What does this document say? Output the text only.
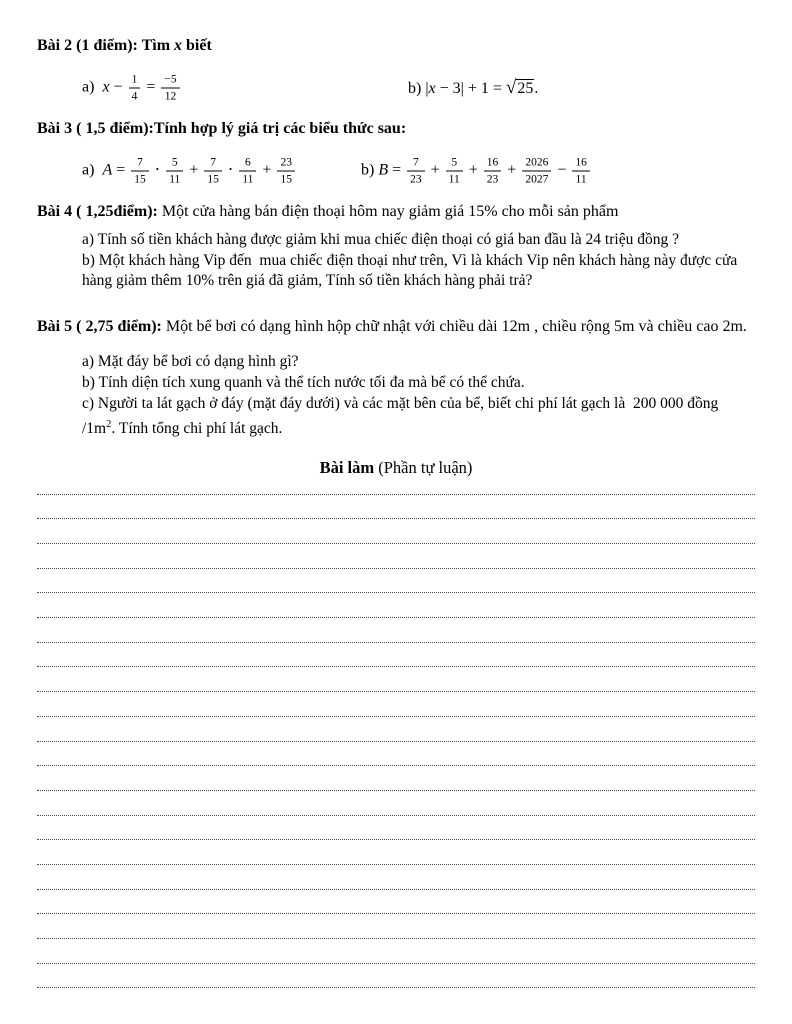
Bài 2 (1 điểm): Tìm x biết

a)  $x - \frac{1}{4} = \frac{-5}{12}$	b) |x − 3| + 1 = √25.

Bài 3 ( 1,5 điểm):Tính hợp lý giá trị các biểu thức sau:

a)  $A = \frac{7}{15} \cdot \frac{5}{11} + \frac{7}{15} \cdot \frac{6}{11} + \frac{23}{15}$	b) $B = \frac{7}{23} + \frac{5}{11} + \frac{16}{23} + \frac{2026}{2027} - \frac{16}{11}$

Bài 4 ( 1,25điểm): Một cửa hàng bán điện thoại hôm nay giảm giá 15% cho mỗi sản phẩm

a) Tính số tiền khách hàng được giảm khi mua chiếc điện thoại có giá ban đầu là 24 triệu đồng ?

b) Một khách hàng Vip đến  mua chiếc điện thoại như trên, Vì là khách Vip nên khách hàng này được cửa hàng giảm thêm 10% trên giá đã giảm, Tính số tiền khách hàng phải trả?

Bài 5 ( 2,75 điểm): Một bể bơi có dạng hình hộp chữ nhật với chiều dài 12m , chiều rộng 5m và chiều cao 2m.

a) Mặt đáy bể bơi có dạng hình gì?

b) Tính diện tích xung quanh và thể tích nước tối đa mà bể có thể chứa.

c) Người ta lát gạch ở đáy (mặt đáy dưới) và các mặt bên của bể, biết chi phí lát gạch là  200 000 đồng $/1m^2$. Tính tổng chi phí lát gạch.

Bài làm (Phần tự luận)
